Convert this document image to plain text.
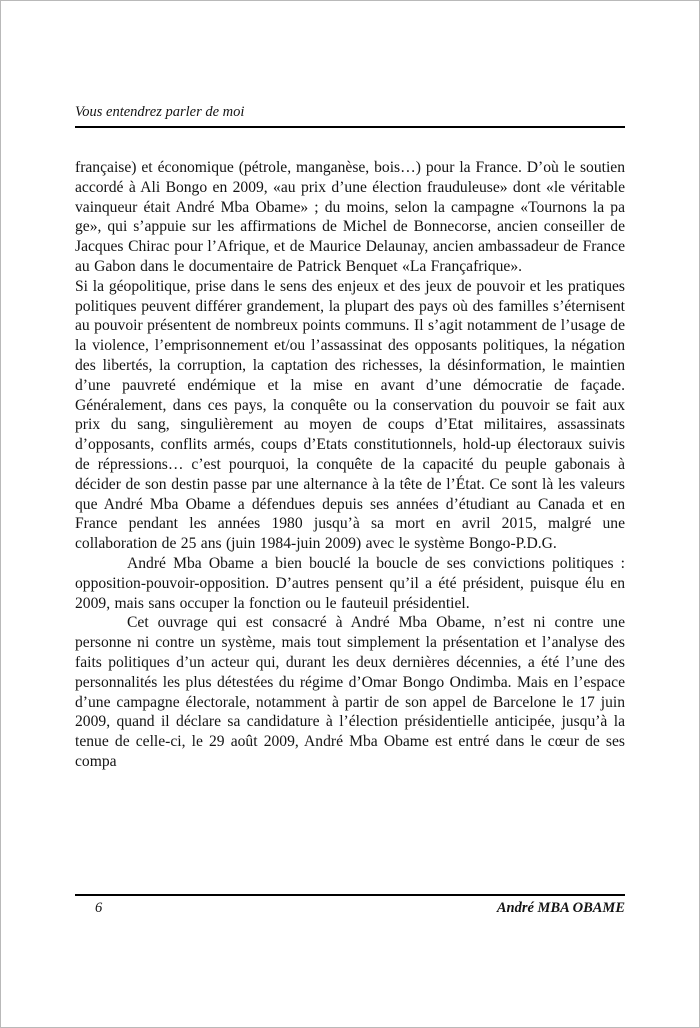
Vous entendrez parler de moi

française) et économique (pétrole, manganèse, bois…) pour la France. D’où le soutien accordé à Ali Bongo en 2009, «au prix d’une élection frauduleuse» dont «le véritable vainqueur était André Mba Obame» ; du moins, selon la campagne «Tournons la pa ge», qui s’appuie sur les affirmations de Michel de Bonnecorse, ancien conseiller de Jacques Chirac pour l’Afrique, et de Maurice Delaunay, ancien ambassadeur de France au Gabon dans le documentaire de Patrick Benquet «La Françafrique».

Si la géopolitique, prise dans le sens des enjeux et des jeux de pouvoir et les pratiques politiques peuvent différer grandement, la plupart des pays où des familles s’éternisent au pouvoir présentent de nombreux points communs. Il s’agit notamment de l’usage de la violence, l’emprisonnement et/ou l’assassinat des opposants politiques, la négation des libertés, la corruption, la captation des richesses, la désinformation, le maintien d’une pauvreté endémique et la mise en avant d’une démocratie de façade. Généralement, dans ces pays, la conquête ou la conservation du pouvoir se fait aux prix du sang, singulièrement au moyen de coups d’Etat militaires, assassinats d’opposants, conflits armés, coups d’Etats constitutionnels, hold-up électoraux suivis de répressions… c’est pourquoi, la conquête de la capacité du peuple gabonais à décider de son destin passe par une alternance à la tête de l’État. Ce sont là les valeurs que André Mba Obame a défendues depuis ses années d’étudiant au Canada et en France pendant les années 1980 jusqu’à sa mort en avril 2015, malgré une collaboration de 25 ans (juin 1984-juin 2009) avec le système Bongo-P.D.G.

André Mba Obame a bien bouclé la boucle de ses convictions politiques : opposition-pouvoir-opposition. D’autres pensent qu’il a été président, puisque élu en 2009, mais sans occuper la fonction ou le fauteuil présidentiel.

Cet ouvrage qui est consacré à André Mba Obame, n’est ni contre une personne ni contre un système, mais tout simplement la présentation et l’analyse des faits politiques d’un acteur qui, durant les deux dernières décennies, a été l’une des personnalités les plus détestées du régime d’Omar Bongo Ondimba. Mais en l’espace d’une campagne électorale, notamment à partir de son appel de Barcelone le 17 juin 2009, quand il déclare sa candidature à l’élection présidentielle anticipée, jusqu’à la tenue de celle-ci, le 29 août 2009, André Mba Obame est entré dans le cœur de ses compa

6	André MBA OBAME
